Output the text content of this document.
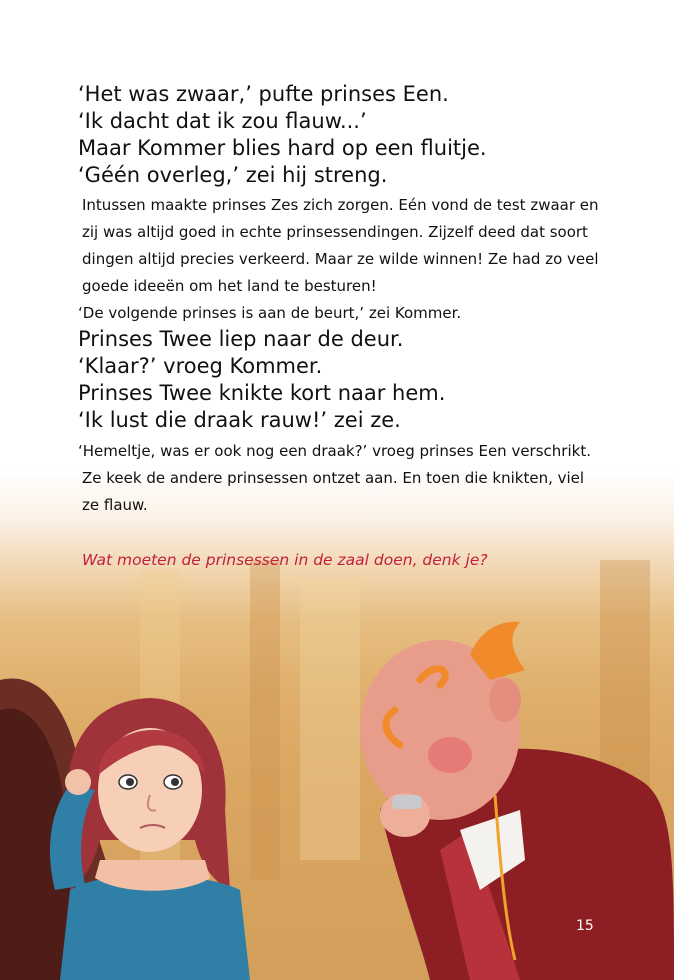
‘Het was zwaar,’ pufte prinses Een.
‘Ik dacht dat ik zou flauw...’
Maar Kommer blies hard op een fluitje.
‘Géén overleg,’ zei hij streng.
Intussen maakte prinses Zes zich zorgen. Eén vond de test zwaar en
zij was altijd goed in echte prinsessendingen. Zijzelf deed dat soort
dingen altijd precies verkeerd. Maar ze wilde winnen! Ze had zo veel
goede ideeën om het land te besturen!
‘De volgende prinses is aan de beurt,’ zei Kommer.
Prinses Twee liep naar de deur.
‘Klaar?’ vroeg Kommer.
Prinses Twee knikte kort naar hem.
‘Ik lust die draak rauw!’ zei ze.
‘Hemeltje, was er ook nog een draak?’ vroeg prinses Een verschrikt.
Ze keek de andere prinsessen ontzet aan. En toen die knikten, viel
ze flauw.
Wat moeten de prinsessen in de zaal doen, denk je?
15
